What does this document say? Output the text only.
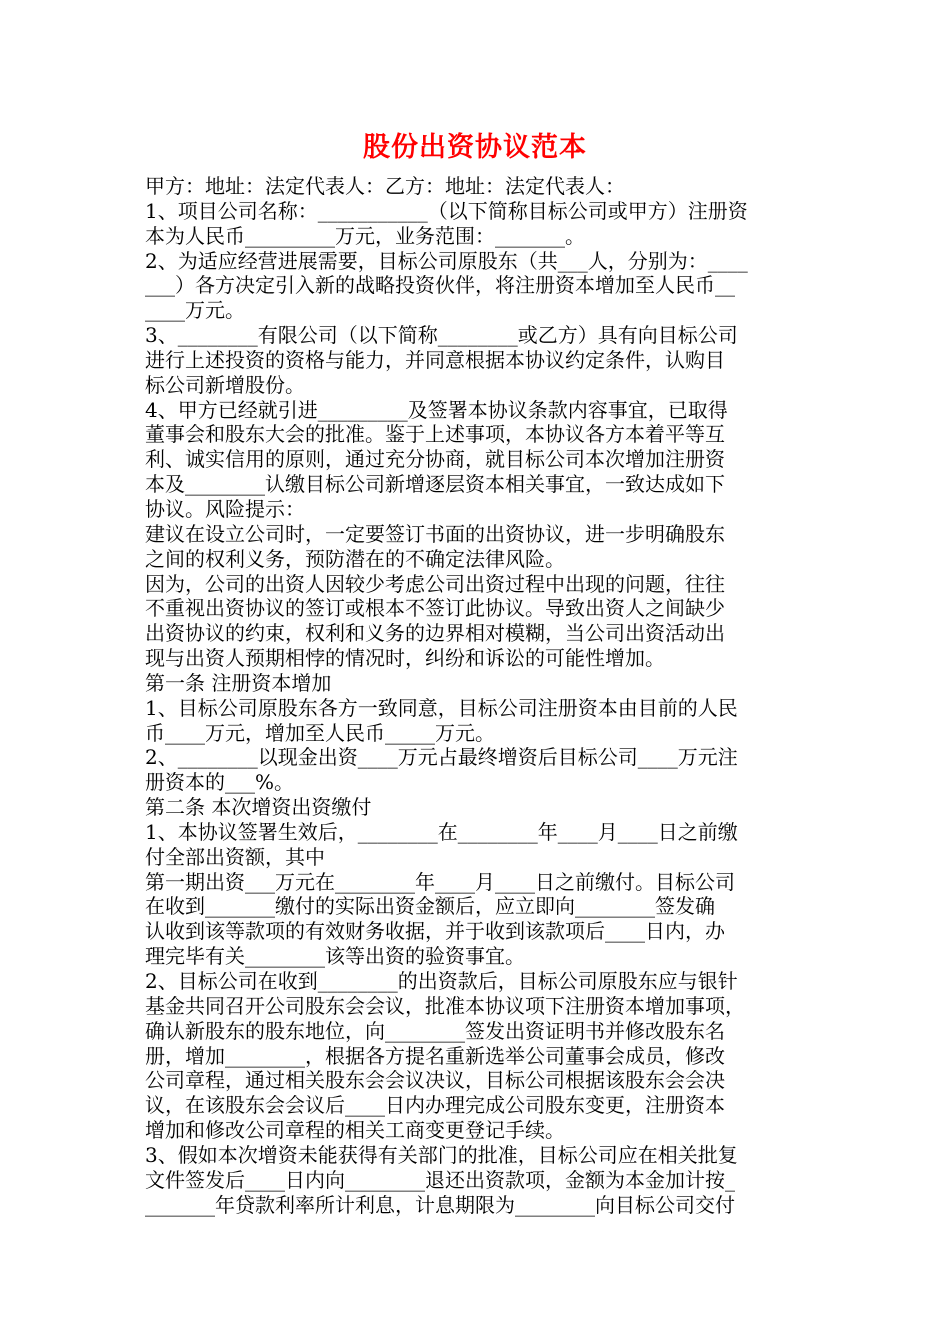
股份出资协议范本
甲方：地址：法定代表人：乙方：地址：法定代表人：
1、项目公司名称：___________（以下简称目标公司或甲方）注册资
本为人民币_________万元，业务范围：_______。
2、为适应经营进展需要，目标公司原股东（共___人，分别为：____
___）各方决定引入新的战略投资伙伴，将注册资本增加至人民币__
____万元。
3、________有限公司（以下简称________或乙方）具有向目标公司
进行上述投资的资格与能力，并同意根据本协议约定条件，认购目
标公司新增股份。
4、甲方已经就引进_________及签署本协议条款内容事宜，已取得
董事会和股东大会的批准。鉴于上述事项，本协议各方本着平等互
利、诚实信用的原则，通过充分协商，就目标公司本次增加注册资
本及________认缴目标公司新增逐层资本相关事宜，一致达成如下
协议。风险提示：
建议在设立公司时，一定要签订书面的出资协议，进一步明确股东
之间的权利义务，预防潜在的不确定法律风险。
因为，公司的出资人因较少考虑公司出资过程中出现的问题，往往
不重视出资协议的签订或根本不签订此协议。导致出资人之间缺少
出资协议的约束，权利和义务的边界相对模糊，当公司出资活动出
现与出资人预期相悖的情况时，纠纷和诉讼的可能性增加。
第一条 注册资本增加
1、目标公司原股东各方一致同意，目标公司注册资本由目前的人民
币____万元，增加至人民币_____万元。
2、________以现金出资____万元占最终增资后目标公司____万元注
册资本的___%。
第二条 本次增资出资缴付
1、本协议签署生效后，________在________年____月____日之前缴
付全部出资额，其中
第一期出资___万元在________年____月____日之前缴付。目标公司
在收到_______缴付的实际出资金额后，应立即向________签发确
认收到该等款项的有效财务收据，并于收到该款项后____日内，办
理完毕有关________该等出资的验资事宜。
2、目标公司在收到________的出资款后，目标公司原股东应与银针
基金共同召开公司股东会会议，批准本协议项下注册资本增加事项，
确认新股东的股东地位，向________签发出资证明书并修改股东名
册，增加________，根据各方提名重新选举公司董事会成员，修改
公司章程，通过相关股东会会议决议，目标公司根据该股东会会决
议，在该股东会会议后____日内办理完成公司股东变更，注册资本
增加和修改公司章程的相关工商变更登记手续。
3、假如本次增资未能获得有关部门的批准，目标公司应在相关批复
文件签发后____日内向________退还出资款项，金额为本金加计按_
_______年贷款利率所计利息，计息期限为________向目标公司交付
